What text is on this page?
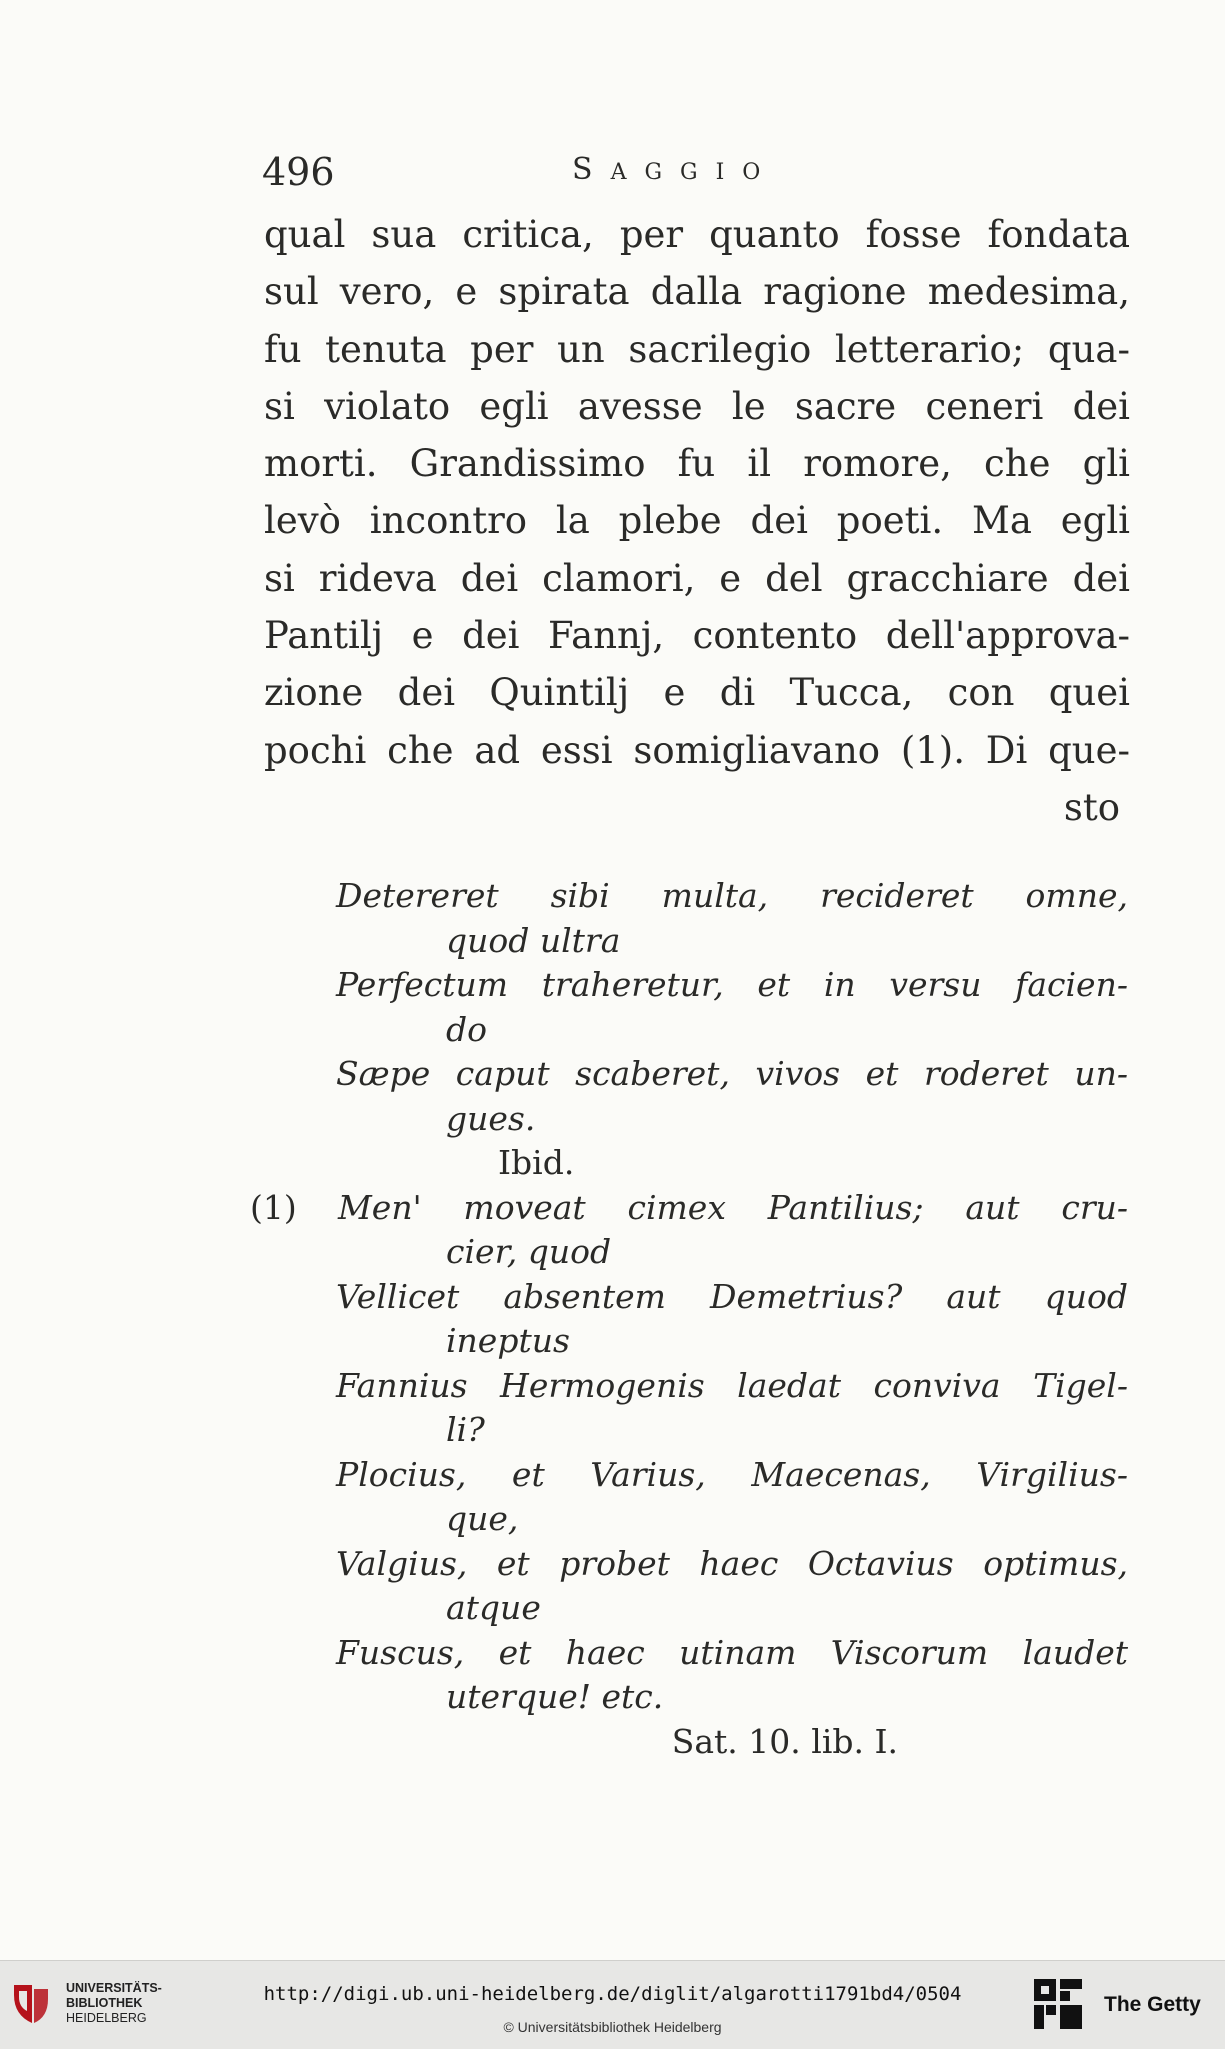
496	SAGGIO
qual sua critica, per quanto fosse fondata
sul vero, e spirata dalla ragione medesima,
fu tenuta per un sacrilegio letterario; qua-
si violato egli avesse le sacre ceneri dei
morti. Grandissimo fu il romore, che gli
levò incontro la plebe dei poeti. Ma egli
si rideva dei clamori, e del gracchiare dei
Pantilj e dei Fannj, contento dell'approva-
zione dei Quintilj e di Tucca, con quei
pochi che ad essi somigliavano (1). Di que-
sto
Detereret sibi multa, recideret omne,
quod ultra
Perfectum traheretur, et in versu facien-
do
Sæpe caput scaberet, vivos et roderet un-
gues.
Ibid.
(1) Men' moveat cimex Pantilius; aut cru-
cier, quod
Vellicet absentem Demetrius? aut quod
ineptus
Fannius Hermogenis laedat conviva Tigel-
li?
Plocius, et Varius, Maecenas, Virgilius-
que,
Valgius, et probet haec Octavius optimus,
atque
Fuscus, et haec utinam Viscorum laudet
uterque! etc.
Sat. 10. lib. I.
UNIVERSITÄTS-
BIBLIOTHEK
HEIDELBERG
http://digi.ub.uni-heidelberg.de/diglit/algarotti1791bd4/0504
© Universitätsbibliothek Heidelberg
The Getty
